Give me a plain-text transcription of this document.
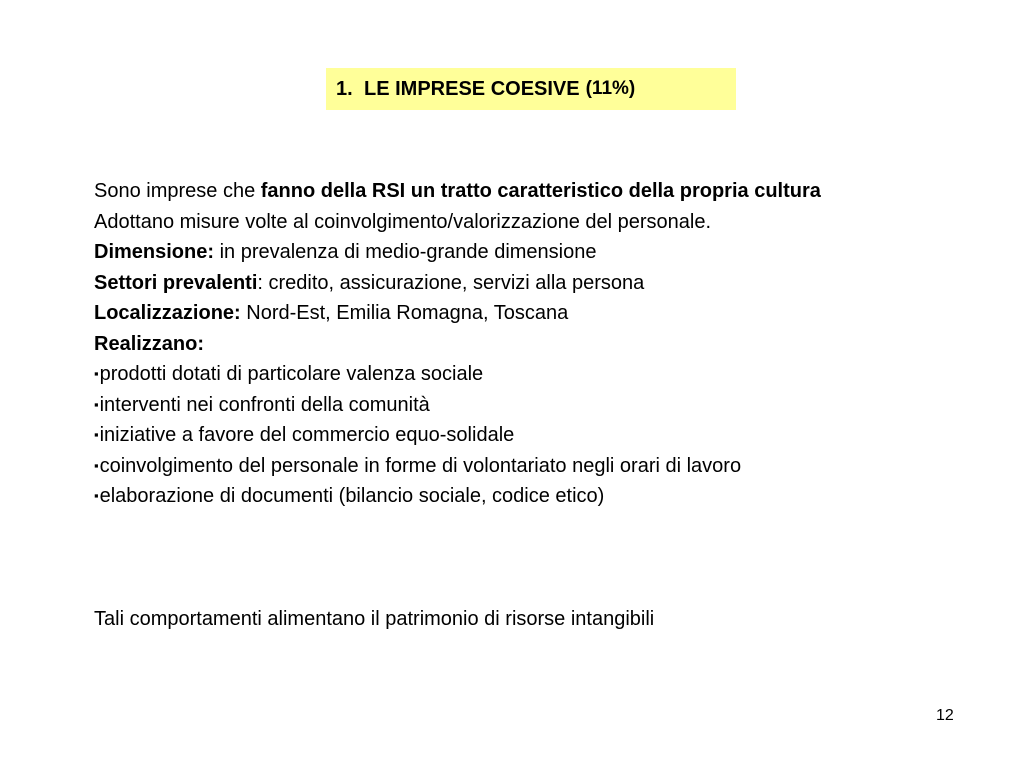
1. LE IMPRESE COESIVE (11%)

Sono imprese che fanno della RSI un tratto caratteristico della propria cultura

Adottano misure volte al coinvolgimento/valorizzazione del personale.

Dimensione: in prevalenza di medio-grande dimensione

Settori prevalenti: credito, assicurazione, servizi alla persona

Localizzazione: Nord-Est, Emilia Romagna, Toscana

Realizzano:

▪prodotti dotati di particolare valenza sociale

▪interventi nei confronti della comunità

▪iniziative a favore del commercio equo-solidale

▪coinvolgimento del personale in forme di volontariato negli orari di lavoro

▪elaborazione di documenti (bilancio sociale, codice etico)

Tali comportamenti alimentano il patrimonio di risorse intangibili
12
